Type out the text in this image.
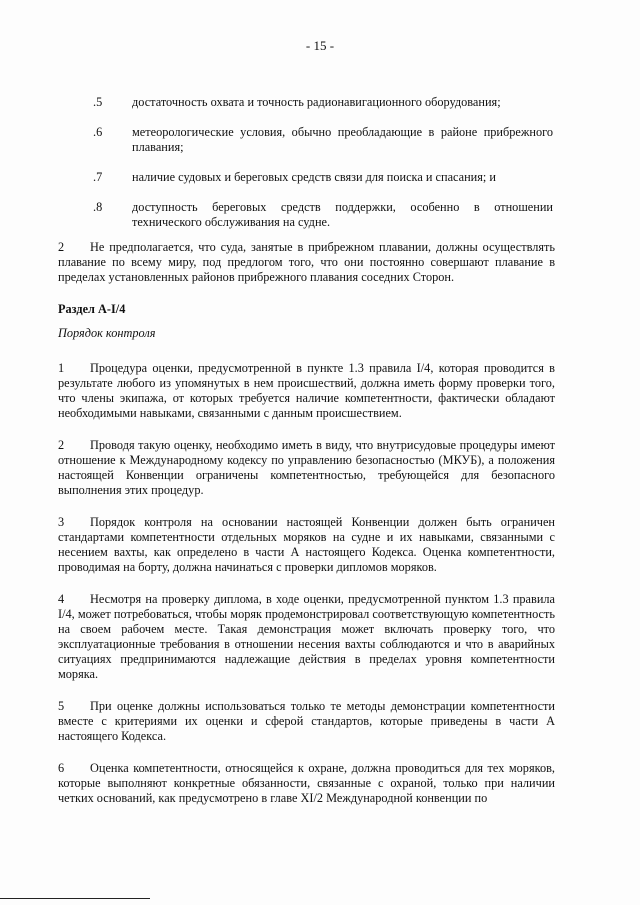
- 15 -
.5 достаточность охвата и точность радионавигационного оборудования;
.6 метеорологические условия, обычно преобладающие в районе прибрежного плавания;
.7 наличие судовых и береговых средств связи для поиска и спасания; и
.8 доступность береговых средств поддержки, особенно в отношении технического обслуживания на судне.

2 Не предполагается, что суда, занятые в прибрежном плавании, должны осуществлять плавание по всему миру, под предлогом того, что они постоянно совершают плавание в пределах установленных районов прибрежного плавания соседних Сторон.

Раздел А-I/4

Порядок контроля

1 Процедура оценки, предусмотренной в пункте 1.3 правила I/4, которая проводится в результате любого из упомянутых в нем происшествий, должна иметь форму проверки того, что члены экипажа, от которых требуется наличие компетентности, фактически обладают необходимыми навыками, связанными с данным происшествием.

2 Проводя такую оценку, необходимо иметь в виду, что внутрисудовые процедуры имеют отношение к Международному кодексу по управлению безопасностью (МКУБ), а положения настоящей Конвенции ограничены компетентностью, требующейся для безопасного выполнения этих процедур.

3 Порядок контроля на основании настоящей Конвенции должен быть ограничен стандартами компетентности отдельных моряков на судне и их навыками, связанными с несением вахты, как определено в части А настоящего Кодекса. Оценка компетентности, проводимая на борту, должна начинаться с проверки дипломов моряков.

4 Несмотря на проверку диплома, в ходе оценки, предусмотренной пунктом 1.3 правила I/4, может потребоваться, чтобы моряк продемонстрировал соответствующую компетентность на своем рабочем месте. Такая демонстрация может включать проверку того, что эксплуатационные требования в отношении несения вахты соблюдаются и что в аварийных ситуациях предпринимаются надлежащие действия в пределах уровня компетентности моряка.

5 При оценке должны использоваться только те методы демонстрации компетентности вместе с критериями их оценки и сферой стандартов, которые приведены в части А настоящего Кодекса.

6 Оценка компетентности, относящейся к охране, должна проводиться для тех моряков, которые выполняют конкретные обязанности, связанные с охраной, только при наличии четких оснований, как предусмотрено в главе XI/2 Международной конвенции по
